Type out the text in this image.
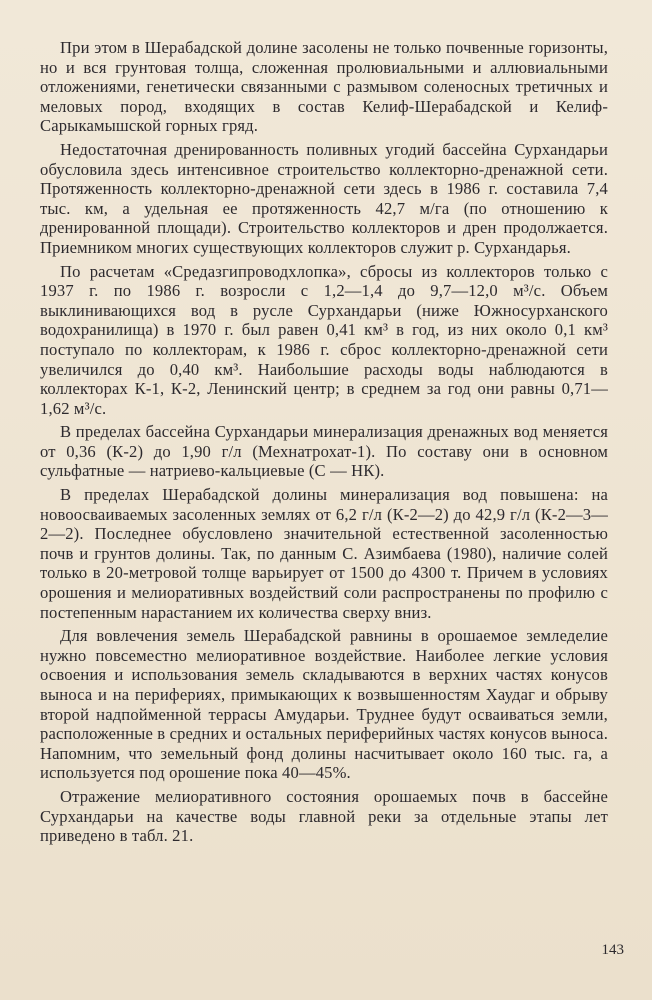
При этом в Шерабадской долине засолены не только почвенные горизонты, но и вся грунтовая толща, сложенная пролювиальными и аллювиальными отложениями, генетически связанными с размывом соленосных третичных и меловых пород, входящих в состав Келиф-Шерабадской и Келиф-Сарыкамышской горных гряд.

Недостаточная дренированность поливных угодий бассейна Сурхандарьи обусловила здесь интенсивное строительство коллекторно-дренажной сети. Протяженность коллекторно-дренажной сети здесь в 1986 г. составила 7,4 тыс. км, а удельная ее протяженность 42,7 м/га (по отношению к дренированной площади). Строительство коллекторов и дрен продолжается. Приемником многих существующих коллекторов служит р. Сурхандарья.

По расчетам «Средазгипроводхлопка», сбросы из коллекторов только с 1937 г. по 1986 г. возросли с 1,2—1,4 до 9,7—12,0 м³/с. Объем выклинивающихся вод в русле Сурхандарьи (ниже Южносурханского водохранилища) в 1970 г. был равен 0,41 км³ в год, из них около 0,1 км³ поступало по коллекторам, к 1986 г. сброс коллекторно-дренажной сети увеличился до 0,40 км³. Наибольшие расходы воды наблюдаются в коллекторах К-1, К-2, Ленинский центр; в среднем за год они равны 0,71—1,62 м³/с.

В пределах бассейна Сурхандарьи минерализация дренажных вод меняется от 0,36 (К-2) до 1,90 г/л (Мехнатрохат-1). По составу они в основном сульфатные — натриево-кальциевые (С — НК).

В пределах Шерабадской долины минерализация вод повышена: на новоосваиваемых засоленных землях от 6,2 г/л (К-2—2) до 42,9 г/л (К-2—3—2—2). Последнее обусловлено значительной естественной засоленностью почв и грунтов долины. Так, по данным С. Азимбаева (1980), наличие солей только в 20-метровой толще варьирует от 1500 до 4300 т. Причем в условиях орошения и мелиоративных воздействий соли распространены по профилю с постепенным нарастанием их количества сверху вниз.

Для вовлечения земель Шерабадской равнины в орошаемое земледелие нужно повсеместно мелиоративное воздействие. Наиболее легкие условия освоения и использования земель складываются в верхних частях конусов выноса и на перифериях, примыкающих к возвышенностям Хаудаг и обрыву второй надпойменной террасы Амударьи. Труднее будут осваиваться земли, расположенные в средних и остальных периферийных частях конусов выноса. Напомним, что земельный фонд долины насчитывает около 160 тыс. га, а используется под орошение пока 40—45%.

Отражение мелиоративного состояния орошаемых почв в бассейне Сурхандарьи на качестве воды главной реки за отдельные этапы лет приведено в табл. 21.

143
